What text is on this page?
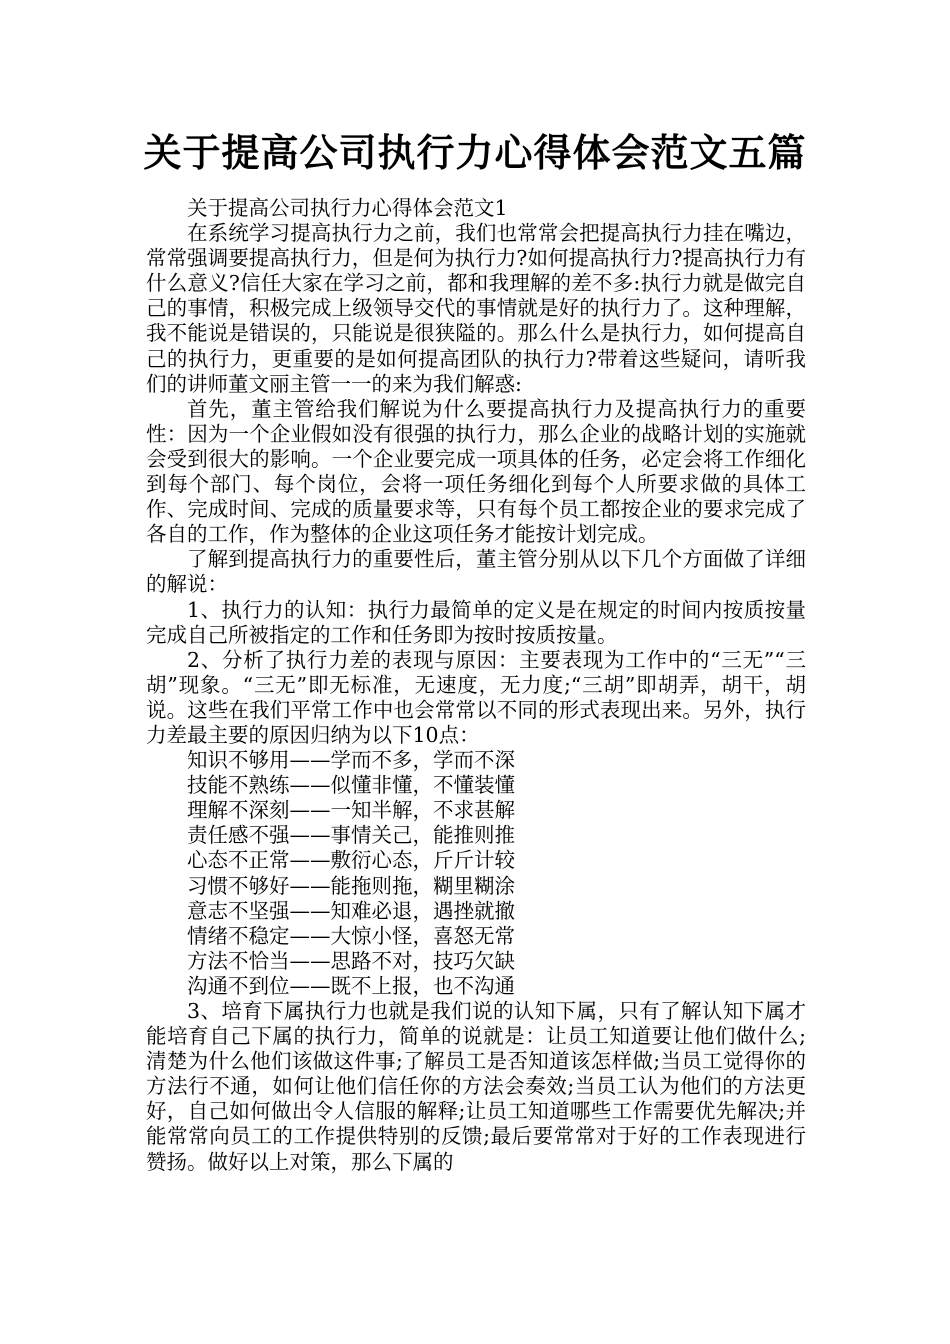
关于提高公司执行力心得体会范文五篇

关于提高公司执行力心得体会范文1

在系统学习提高执行力之前，我们也常常会把提高执行力挂在嘴边，常常强调要提高执行力，但是何为执行力?如何提高执行力?提高执行力有什么意义?信任大家在学习之前，都和我理解的差不多:执行力就是做完自己的事情，积极完成上级领导交代的事情就是好的执行力了。这种理解，我不能说是错误的，只能说是很狭隘的。那么什么是执行力，如何提高自己的执行力，更重要的是如何提高团队的执行力?带着这些疑问，请听我们的讲师董文丽主管一一的来为我们解惑:

首先，董主管给我们解说为什么要提高执行力及提高执行力的重要性：因为一个企业假如没有很强的执行力，那么企业的战略计划的实施就会受到很大的影响。一个企业要完成一项具体的任务，必定会将工作细化到每个部门、每个岗位，会将一项任务细化到每个人所要求做的具体工作、完成时间、完成的质量要求等，只有每个员工都按企业的要求完成了各自的工作，作为整体的企业这项任务才能按计划完成。

了解到提高执行力的重要性后，董主管分别从以下几个方面做了详细的解说：

1、执行力的认知：执行力最简单的定义是在规定的时间内按质按量完成自己所被指定的工作和任务即为按时按质按量。

2、分析了执行力差的表现与原因：主要表现为工作中的“三无”“三胡”现象。“三无”即无标准，无速度，无力度;“三胡”即胡弄，胡干，胡说。这些在我们平常工作中也会常常以不同的形式表现出来。另外，执行力差最主要的原因归纳为以下10点：

知识不够用——学而不多，学而不深

技能不熟练——似懂非懂，不懂装懂

理解不深刻——一知半解，不求甚解

责任感不强——事情关己，能推则推

心态不正常——敷衍心态，斤斤计较

习惯不够好——能拖则拖，糊里糊涂

意志不坚强——知难必退，遇挫就撤

情绪不稳定——大惊小怪，喜怒无常

方法不恰当——思路不对，技巧欠缺

沟通不到位——既不上报，也不沟通

3、培育下属执行力也就是我们说的认知下属，只有了解认知下属才能培育自己下属的执行力，简单的说就是：让员工知道要让他们做什么;清楚为什么他们该做这件事;了解员工是否知道该怎样做;当员工觉得你的方法行不通，如何让他们信任你的方法会奏效;当员工认为他们的方法更好，自己如何做出令人信服的解释;让员工知道哪些工作需要优先解决;并能常常向员工的工作提供特别的反馈;最后要常常对于好的工作表现进行赞扬。做好以上对策，那么下属的
